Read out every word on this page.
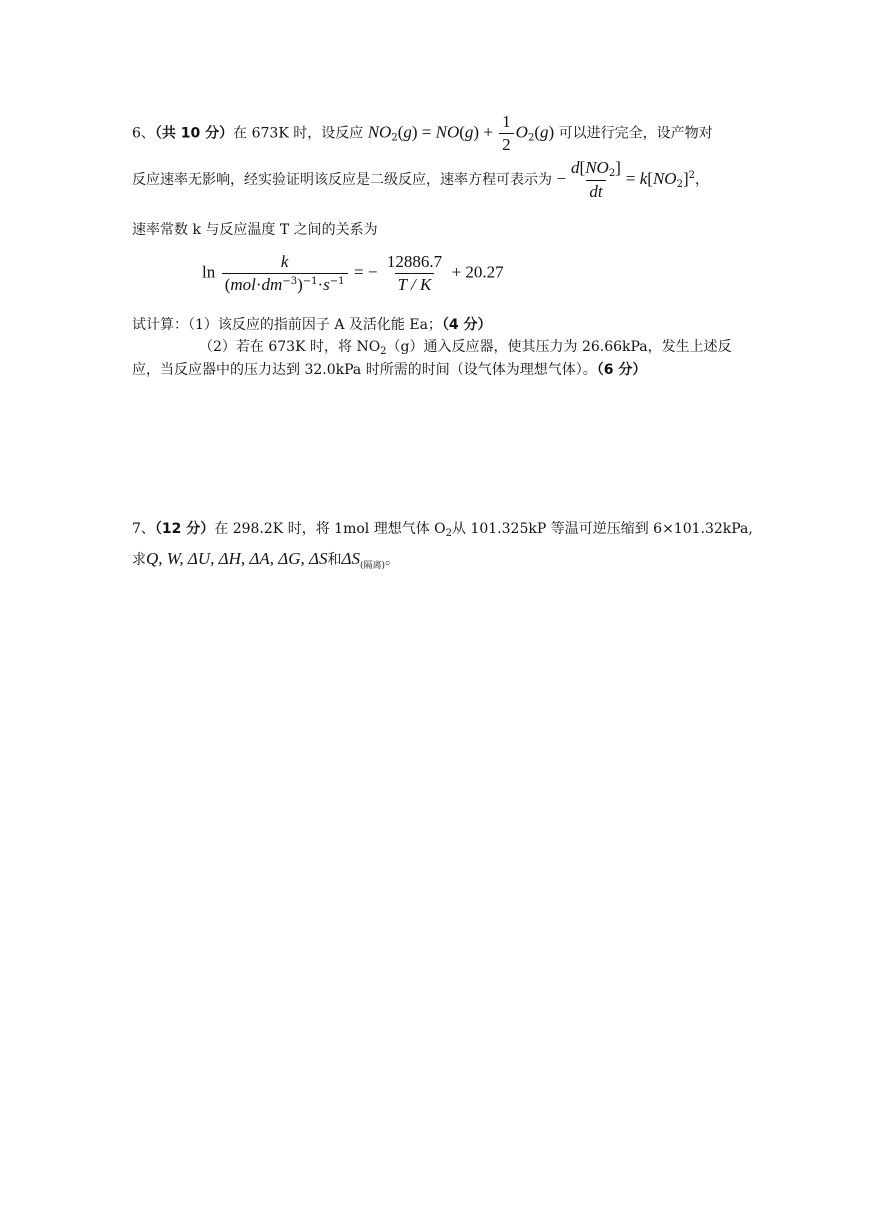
6、（共 10 分）在 673K 时，设反应 $NO_2(g) = NO(g) + \frac{1}{2} O_2(g)$ 可以进行完全，设产物对
反应速率无影响，经实验证明该反应是二级反应，速率方程可表示为 − $\frac{d[NO_2]}{dt} = k[NO_2]^2$，
速率常数 k 与反应温度 T 之间的关系为
$\ln \frac{k}{(mol\cdot dm^{-3})^{-1}\cdot s^{-1}}$ = − $\frac{12886.7}{T / K} + 20.27$
试计算：（1）该反应的指前因子 A 及活化能 Ea；（4 分）
（2）若在 673K 时，将 $NO_2(g)$通入反应器，使其压力为 26.66kPa，发生上述反
应，当反应器中的压力达到 32.0kPa 时所需的时间（设气体为理想气体）。（6 分）
7、（12 分）在 298.2K 时，将 1mol 理想气体 $O_2$从 101.325kP 等温可逆压缩到 6×101.32kPa,
求Q, W, ΔU, ΔH, ΔA, ΔG, ΔS和$\Delta S_{(隔离)}$。
